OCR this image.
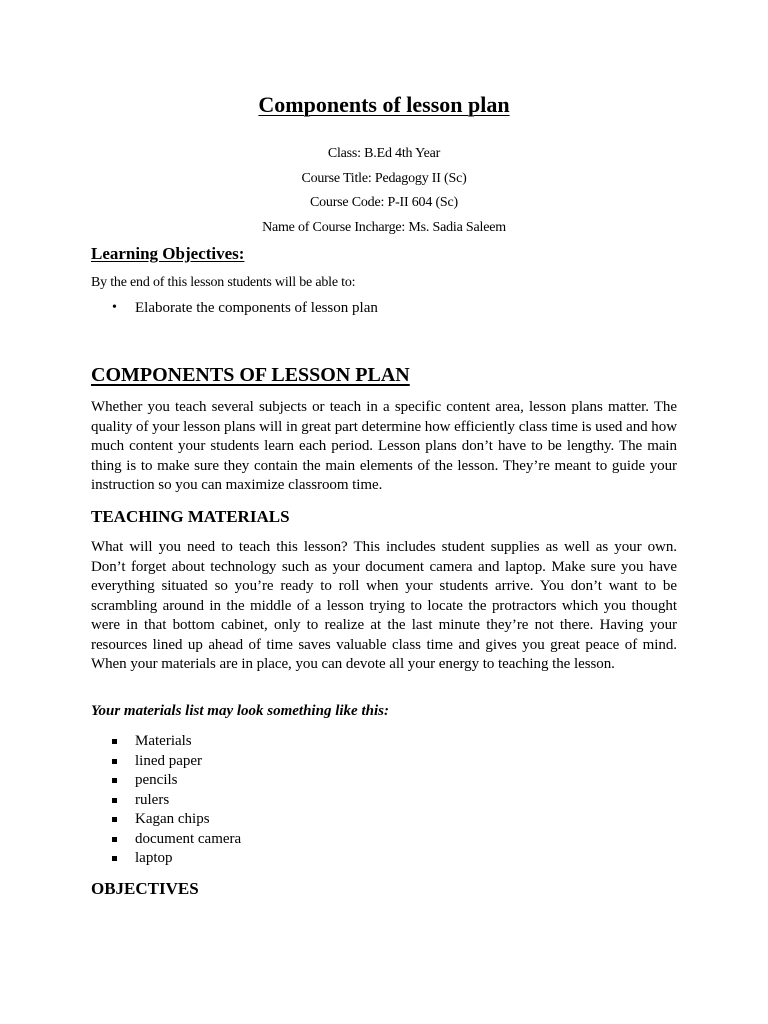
Components of lesson plan

Class: B.Ed 4th Year

Course Title: Pedagogy II (Sc)

Course Code: P-II 604 (Sc)

Name of Course Incharge: Ms. Sadia Saleem

Learning Objectives:

By the end of this lesson students will be able to:

• Elaborate the components of lesson plan

COMPONENTS OF LESSON PLAN

Whether you teach several subjects or teach in a specific content area, lesson plans matter. The quality of your lesson plans will in great part determine how efficiently class time is used and how much content your students learn each period. Lesson plans don’t have to be lengthy. The main thing is to make sure they contain the main elements of the lesson. They’re meant to guide your instruction so you can maximize classroom time.

TEACHING MATERIALS

What will you need to teach this lesson? This includes student supplies as well as your own. Don’t forget about technology such as your document camera and laptop. Make sure you have everything situated so you’re ready to roll when your students arrive. You don’t want to be scrambling around in the middle of a lesson trying to locate the protractors which you thought were in that bottom cabinet, only to realize at the last minute they’re not there. Having your resources lined up ahead of time saves valuable class time and gives you great peace of mind. When your materials are in place, you can devote all your energy to teaching the lesson.

Your materials list may look something like this:

Materials
lined paper
pencils
rulers
Kagan chips
document camera
laptop
OBJECTIVES
